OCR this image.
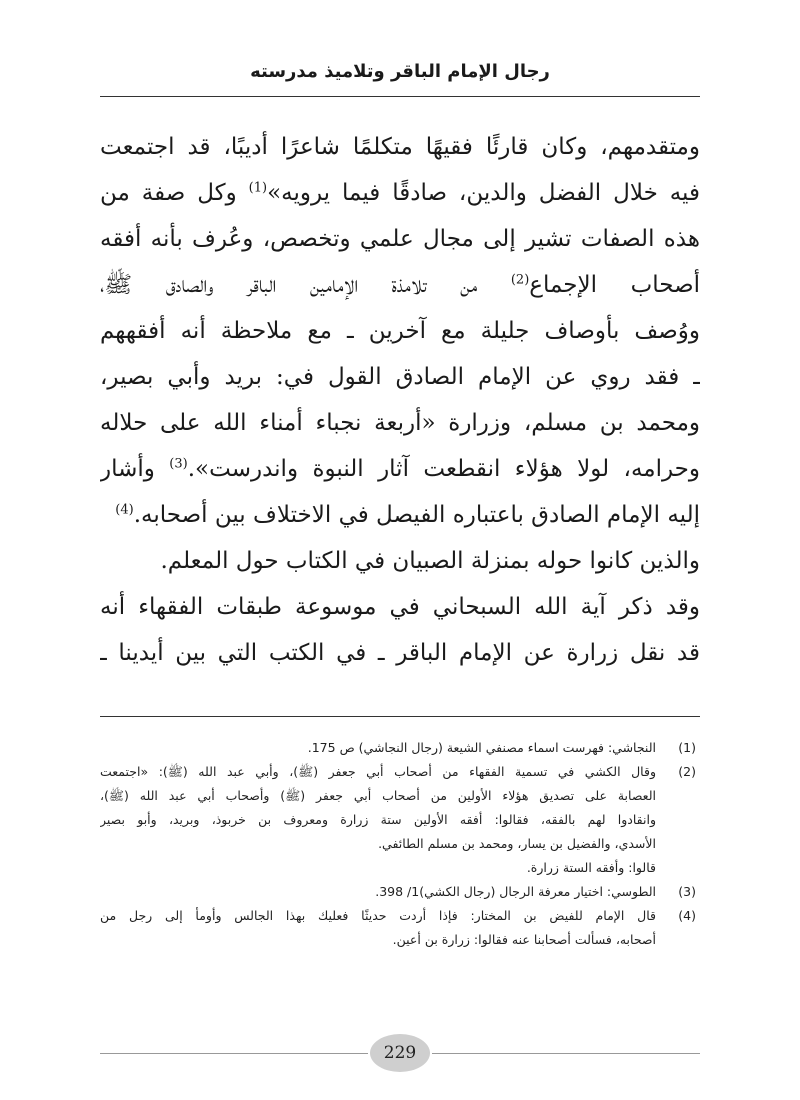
رجال الإمام الباقر وتلاميذ مدرسته
ومتقدمهم، وكان قارئًا فقيهًا متكلمًا شاعرًا أديبًا، قد اجتمعت
فيه خلال الفضل والدين، صادقًا فيما يرويه»$^{(1)}$ وكل صفة من
هذه الصفات تشير إلى مجال علمي وتخصص، وعُرف بأنه أفقه
أصحاب الإجماع$^{(2)}$ من تلامذة الإمامين الباقر والصادق ﷺ،
ووُصف بأوصاف جليلة مع آخرين ـ مع ملاحظة أنه أفقههم
ـ فقد روي عن الإمام الصادق القول في: بريد وأبي بصير،
ومحمد بن مسلم، وزرارة «أربعة نجباء أمناء الله على حلاله
وحرامه، لولا هؤلاء انقطعت آثار النبوة واندرست».$^{(3)}$ وأشار
إليه الإمام الصادق باعتباره الفيصل في الاختلاف بين أصحابه.$^{(4)}$
والذين كانوا حوله بمنزلة الصبيان في الكتاب حول المعلم.
وقد ذكر آية الله السبحاني في موسوعة طبقات الفقهاء أنه
قد نقل زرارة عن الإمام الباقر ـ في الكتب التي بين أيدينا ـ
(1)
النجاشي: فهرست اسماء مصنفي الشيعة (رجال النجاشي) ص 175.
(2)
وقال الكشي في تسمية الفقهاء من أصحاب أبي جعفر (ﷺ)، وأبي عبد الله (ﷺ): «اجتمعت
العصابة على تصديق هؤلاء الأولين من أصحاب أبي جعفر (ﷺ) وأصحاب أبي عبد الله (ﷺ)،
وانقادوا لهم بالفقه، فقالوا: أفقه الأولين ستة زرارة ومعروف بن خربوذ، وبريد، وأبو بصير
الأسدي، والفضيل بن يسار، ومحمد بن مسلم الطائفي.
قالوا: وأفقه الستة زرارة.
(3)
الطوسي: اختيار معرفة الرجال (رجال الكشي)1/ 398.
(4)
قال الإمام للفيض بن المختار: فإذا أردت حديثًا فعليك بهذا الجالس وأومأ إلى رجل من
أصحابه، فسألت أصحابنا عنه فقالوا: زرارة بن أعين.
229
